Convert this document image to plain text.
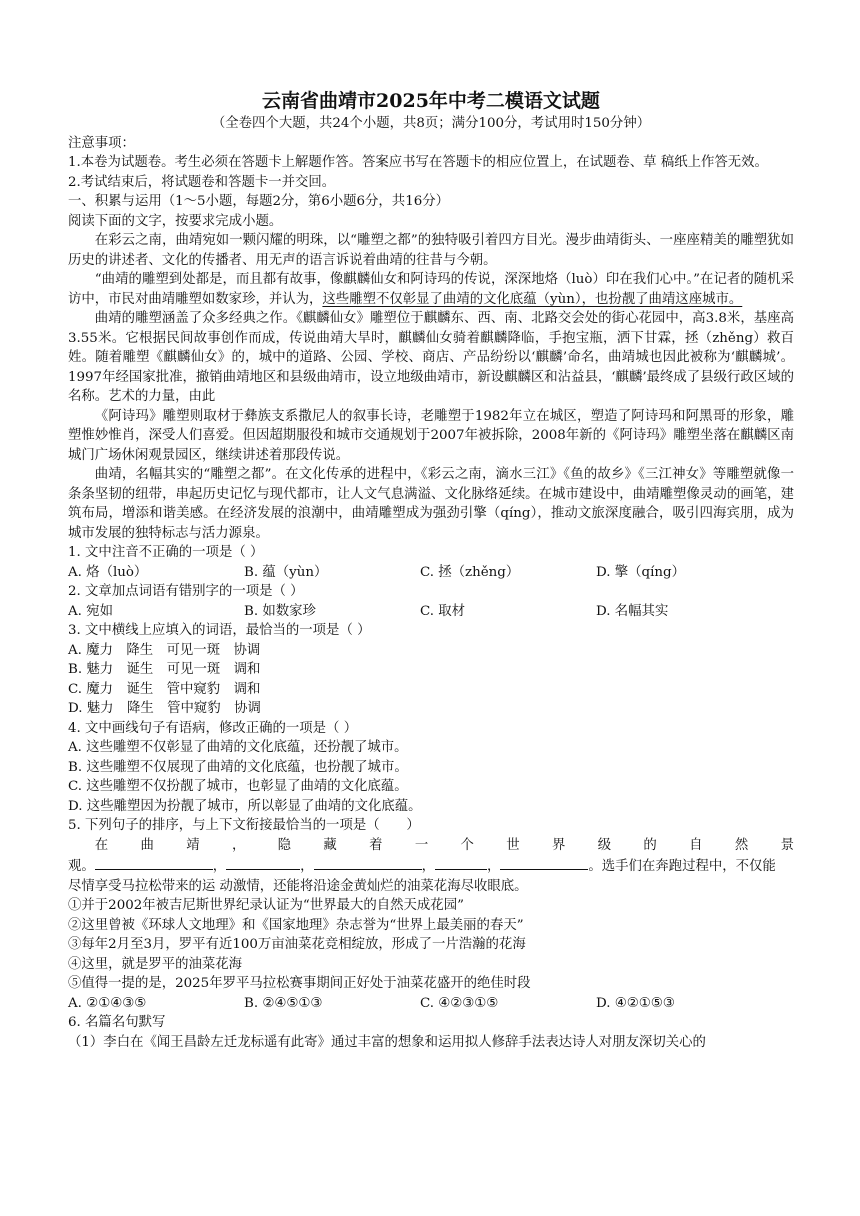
云南省曲靖市2025年中考二模语文试题
（全卷四个大题，共24个小题，共8页；满分100分，考试用时150分钟）
注意事项：
1.本卷为试题卷。考生必须在答题卡上解题作答。答案应书写在答题卡的相应位置上，在试题卷、草 稿纸上作答无效。
2.考试结束后，将试题卷和答题卡一并交回。
一、积累与运用（1～5小题，每题2分，第6小题6分，共16分）
阅读下面的文字，按要求完成小题。
在彩云之南，曲靖宛如一颗闪耀的明珠，以“雕塑之都”的独特吸引着四方目光。漫步曲靖街头、一座座精美的雕塑犹如历史的讲述者、文化的传播者、用无声的语言诉说着曲靖的往昔与今朝。
“曲靖的雕塑到处都是，而且都有故事，像麒麟仙女和阿诗玛的传说，深深地烙（luò）印在我们心中。”在记者的随机采访中，市民对曲靖雕塑如数家珍，并认为，这些雕塑不仅彰显了曲靖的文化底蕴（yùn），也扮靓了曲靖这座城市。
曲靖的雕塑涵盖了众多经典之作。《麒麟仙女》雕塑位于麒麟东、西、南、北路交会处的街心花园中，高3.8米，基座高3.55米。它根据民间故事创作而成，传说曲靖大旱时，麒麟仙女骑着麒麟降临，手抱宝瓶，洒下甘霖，拯（zhěng）救百姓。随着雕塑《麒麟仙女》的，城中的道路、公园、学校、商店、产品纷纷以‘麒麟’命名，曲靖城也因此被称为‘麒麟城’。1997年经国家批准，撤销曲靖地区和县级曲靖市，设立地级曲靖市，新设麒麟区和沾益县，‘麒麟’最终成了县级行政区域的名称。艺术的力量，由此
《阿诗玛》雕塑则取材于彝族支系撒尼人的叙事长诗，老雕塑于1982年立在城区，塑造了阿诗玛和阿黑哥的形象，雕塑惟妙惟肖，深受人们喜爱。但因超期服役和城市交通规划于2007年被拆除，2008年新的《阿诗玛》雕塑坐落在麒麟区南城门广场休闲观景园区，继续讲述着那段传说。
曲靖，名幅其实的“雕塑之都”。在文化传承的进程中，《彩云之南，滴水三江》《鱼的故乡》《三江神女》等雕塑就像一条条坚韧的纽带，串起历史记忆与现代都市，让人文气息满溢、文化脉络延续。在城市建设中，曲靖雕塑像灵动的画笔，建筑布局，增添和谐美感。在经济发展的浪潮中，曲靖雕塑成为强劲引擎（qíng），推动文旅深度融合，吸引四海宾朋，成为城市发展的独特标志与活力源泉。
1. 文中注音不正确的一项是（ ）
A. 烙（luò）	B. 蕴（yùn）	C. 拯（zhěng）	D. 擎（qíng）
2. 文章加点词语有错别字的一项是（ ）
A. 宛如	B. 如数家珍	C. 取材	D. 名幅其实
3. 文中横线上应填入的词语，最恰当的一项是（ ）
A. 魔力　降生　可见一斑　协调
B. 魅力　诞生　可见一斑　调和
C. 魔力　诞生　管中窥豹　调和
D. 魅力　降生　管中窥豹　协调
4. 文中画线句子有语病，修改正确的一项是（ ）
A. 这些雕塑不仅彰显了曲靖的文化底蕴，还扮靓了城市。
B. 这些雕塑不仅展现了曲靖的文化底蕴，也扮靓了城市。
C. 这些雕塑不仅扮靓了城市，也彰显了曲靖的文化底蕴。
D. 这些雕塑因为扮靓了城市，所以彰显了曲靖的文化底蕴。
5. 下列句子的排序，与上下文衔接最恰当的一项是（　　）
在 曲 靖 ， 隐 藏 着 一 个 世 界 级 的 自 然 景
观。	，	，	，	，	。选手们在奔跑过程中，不仅能
尽情享受马拉松带来的运 动激情，还能将沿途金黄灿烂的油菜花海尽收眼底。
①并于2002年被吉尼斯世界纪录认证为“世界最大的自然天成花园”
②这里曾被《环球人文地理》和《国家地理》杂志誉为“世界上最美丽的春天”
③每年2月至3月，罗平有近100万亩油菜花竞相绽放，形成了一片浩瀚的花海
④这里，就是罗平的油菜花海
⑤值得一提的是，2025年罗平马拉松赛事期间正好处于油菜花盛开的绝佳时段
A. ②①④③⑤	B. ②④⑤①③	C. ④②③①⑤	D. ④②①⑤③
6. 名篇名句默写
（1）李白在《闻王昌龄左迁龙标遥有此寄》通过丰富的想象和运用拟人修辞手法表达诗人对朋友深切关心的
